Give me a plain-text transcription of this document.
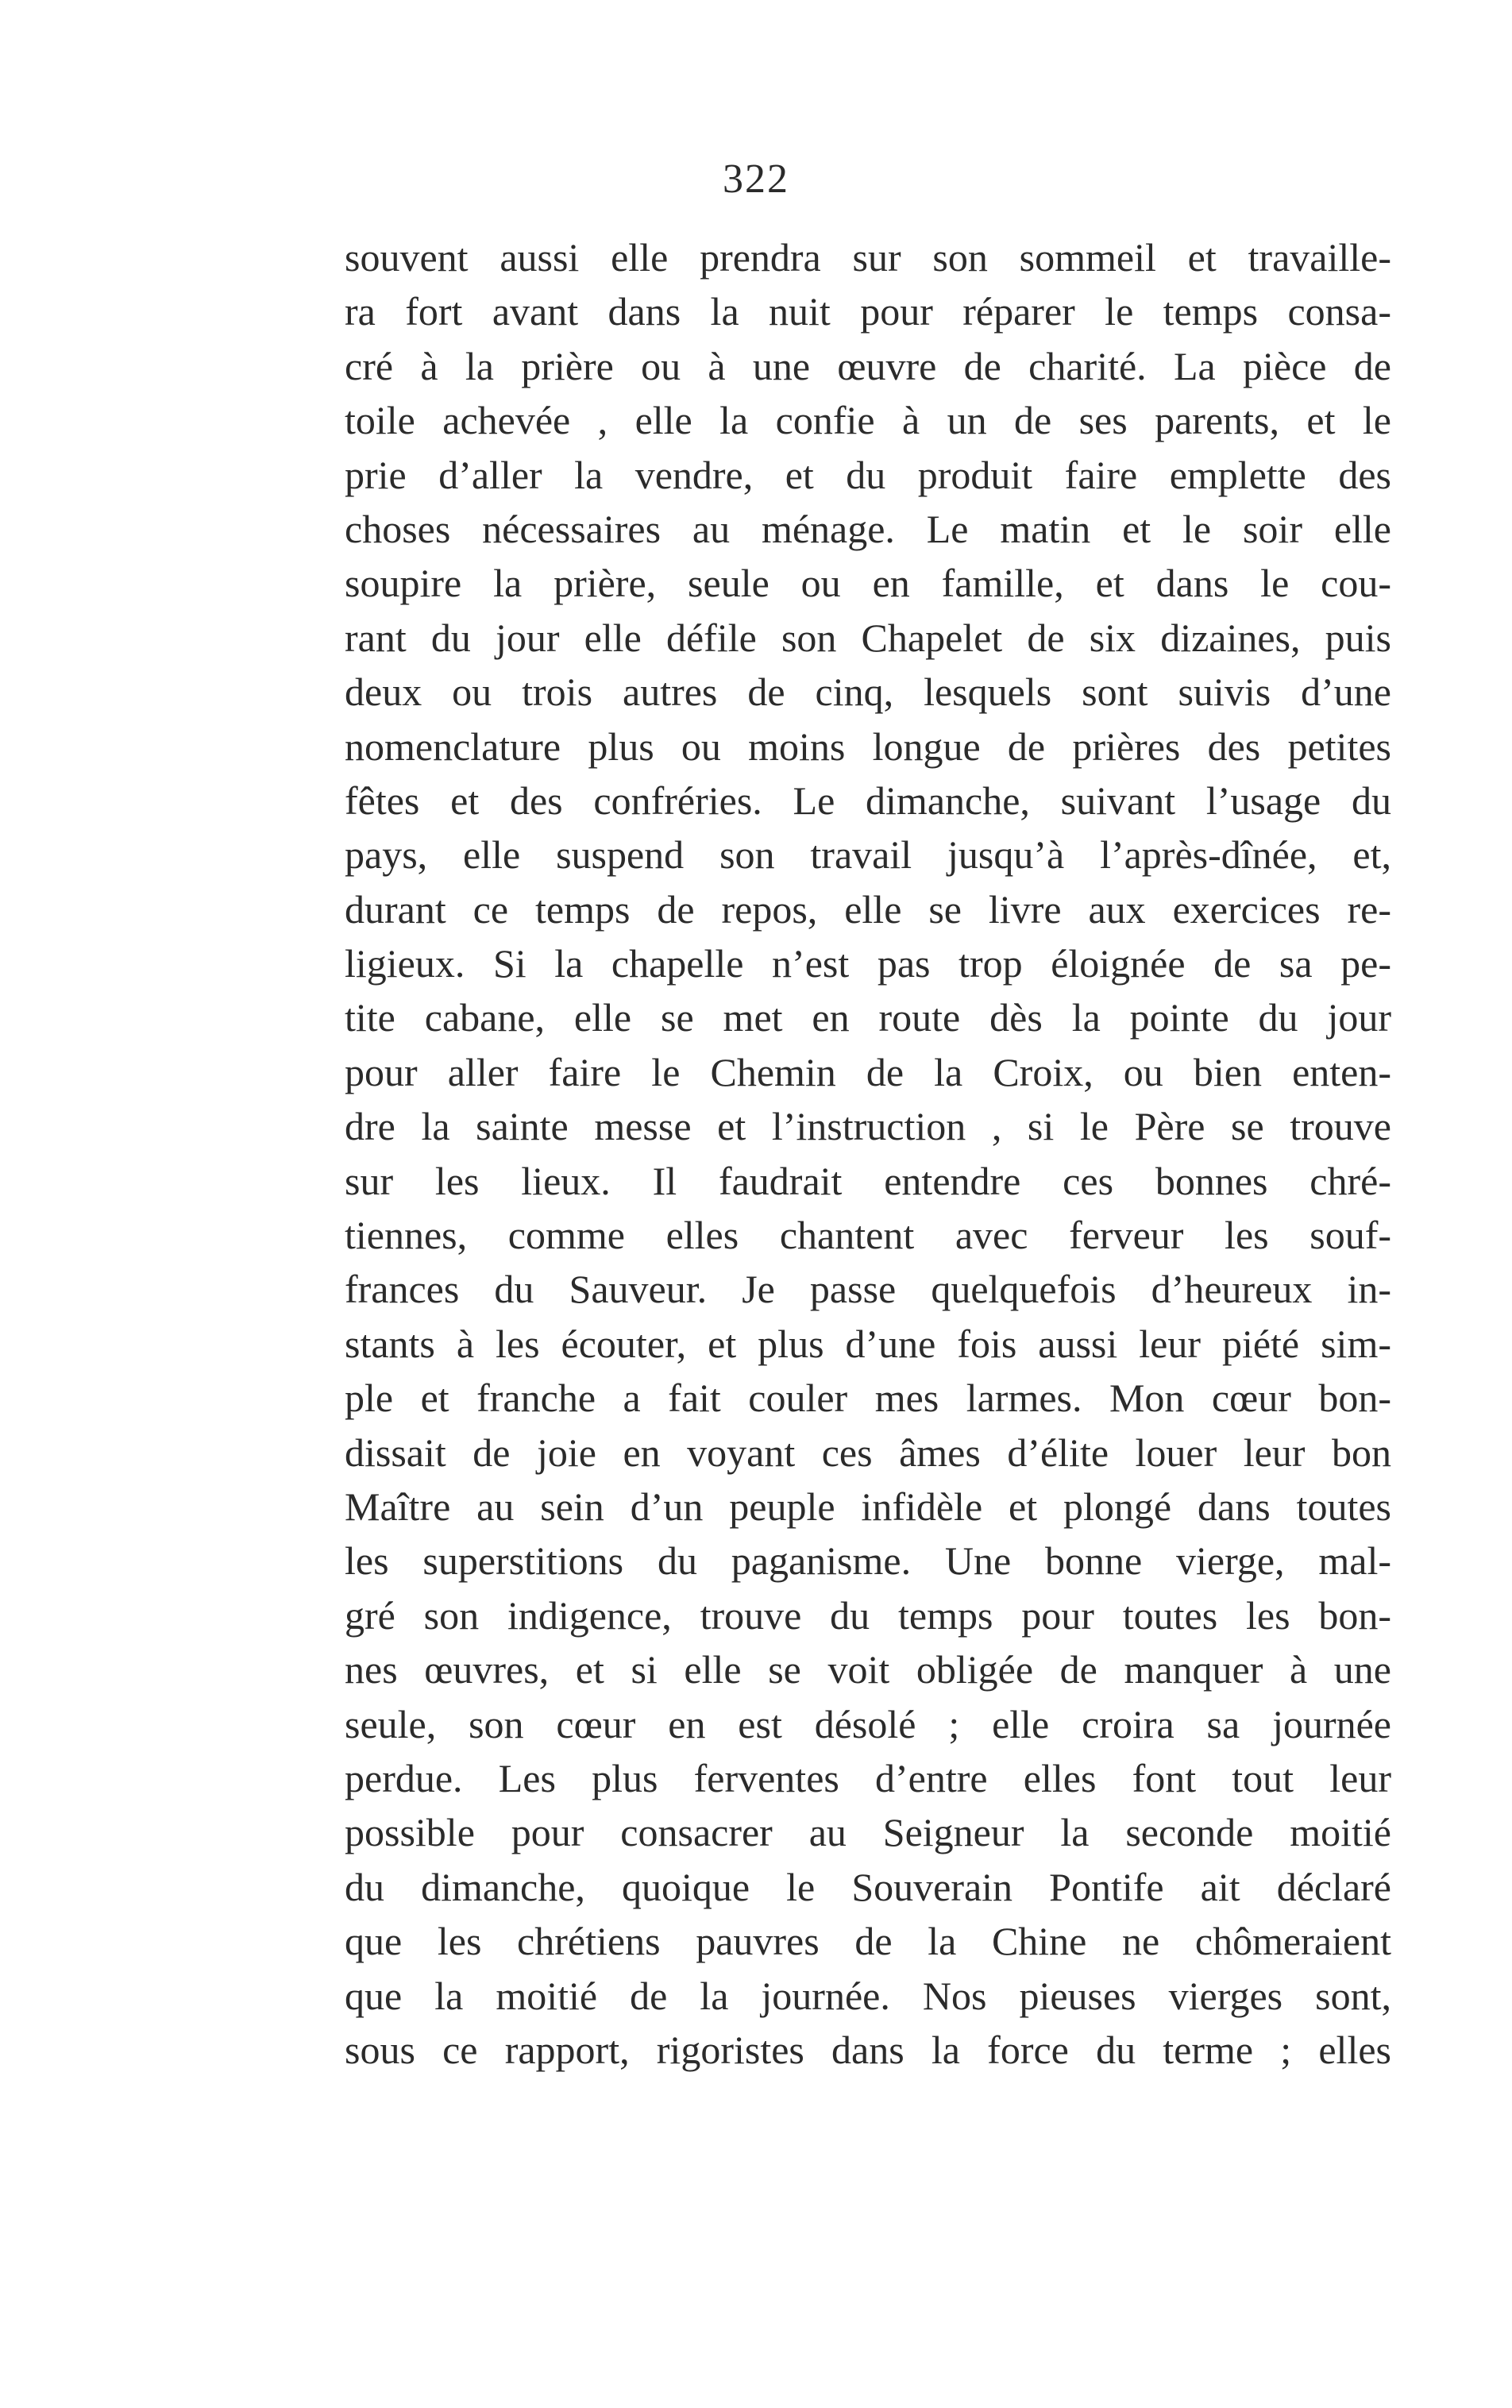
322
souvent aussi elle prendra sur son sommeil et travaille-
ra fort avant dans la nuit pour réparer le temps consa-
cré à la prière ou à une œuvre de charité. La pièce de
toile achevée , elle la confie à un de ses parents, et le
prie d’aller la vendre, et du produit faire emplette des
choses nécessaires au ménage. Le matin et le soir elle
soupire la prière, seule ou en famille, et dans le cou-
rant du jour elle défile son Chapelet de six dizaines, puis
deux ou trois autres de cinq, lesquels sont suivis d’une
nomenclature plus ou moins longue de prières des petites
fêtes et des confréries. Le dimanche, suivant l’usage du
pays, elle suspend son travail jusqu’à l’après-dînée, et,
durant ce temps de repos, elle se livre aux exercices re-
ligieux. Si la chapelle n’est pas trop éloignée de sa pe-
tite cabane, elle se met en route dès la pointe du jour
pour aller faire le Chemin de la Croix, ou bien enten-
dre la sainte messe et l’instruction , si le Père se trouve
sur les lieux. Il faudrait entendre ces bonnes chré-
tiennes, comme elles chantent avec ferveur les souf-
frances du Sauveur. Je passe quelquefois d’heureux in-
stants à les écouter, et plus d’une fois aussi leur piété sim-
ple et franche a fait couler mes larmes. Mon cœur bon-
dissait de joie en voyant ces âmes d’élite louer leur bon
Maître au sein d’un peuple infidèle et plongé dans toutes
les superstitions du paganisme. Une bonne vierge, mal-
gré son indigence, trouve du temps pour toutes les bon-
nes œuvres, et si elle se voit obligée de manquer à une
seule, son cœur en est désolé ; elle croira sa journée
perdue. Les plus ferventes d’entre elles font tout leur
possible pour consacrer au Seigneur la seconde moitié
du dimanche, quoique le Souverain Pontife ait déclaré
que les chrétiens pauvres de la Chine ne chômeraient
que la moitié de la journée. Nos pieuses vierges sont,
sous ce rapport, rigoristes dans la force du terme ; elles
